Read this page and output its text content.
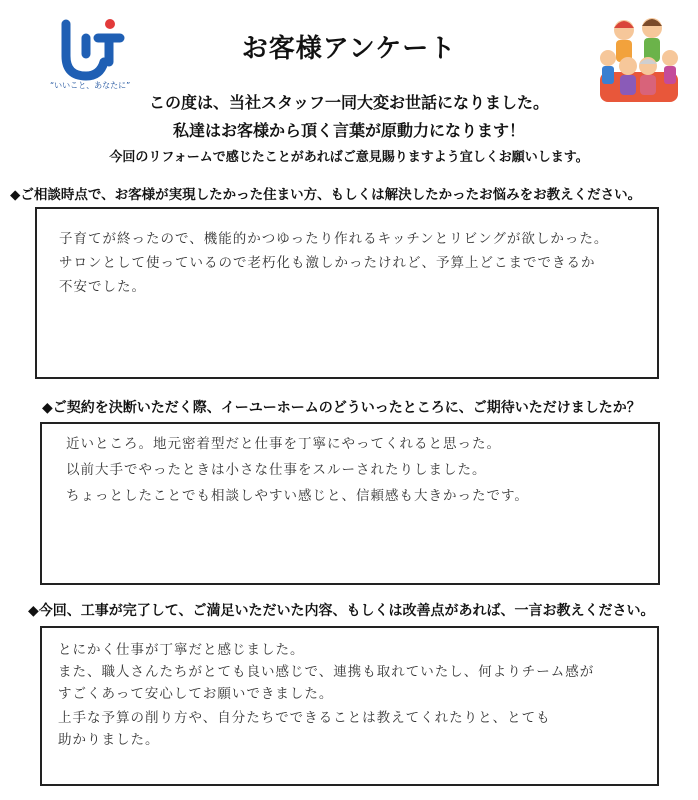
“いいこと、あなたに”
お客様アンケート
この度は、当社スタッフ一同大変お世話になりました。
私達はお客様から頂く言葉が原動力になります！
今回のリフォームで感じたことがあればご意見賜りますよう宜しくお願いします。
◆ご相談時点で、お客様が実現したかった住まい方、もしくは解決したかったお悩みをお教えください。
子育てが終ったので、機能的かつゆったり作れるキッチンとリビングが欲しかった。
サロンとして使っているので老朽化も激しかったけれど、予算上どこまでできるか
不安でした。
◆ご契約を決断いただく際、イーユーホームのどういったところに、ご期待いただけましたか？
近いところ。地元密着型だと仕事を丁寧にやってくれると思った。
以前大手でやったときは小さな仕事をスルーされたりしました。
ちょっとしたことでも相談しやすい感じと、信頼感も大きかったです。
◆今回、工事が完了して、ご満足いただいた内容、もしくは改善点があれば、一言お教えください。
とにかく仕事が丁寧だと感じました。
また、職人さんたちがとても良い感じで、連携も取れていたし、何よりチーム感が
すごくあって安心してお願いできました。
上手な予算の削り方や、自分たちでできることは教えてくれたりと、とても
助かりました。
